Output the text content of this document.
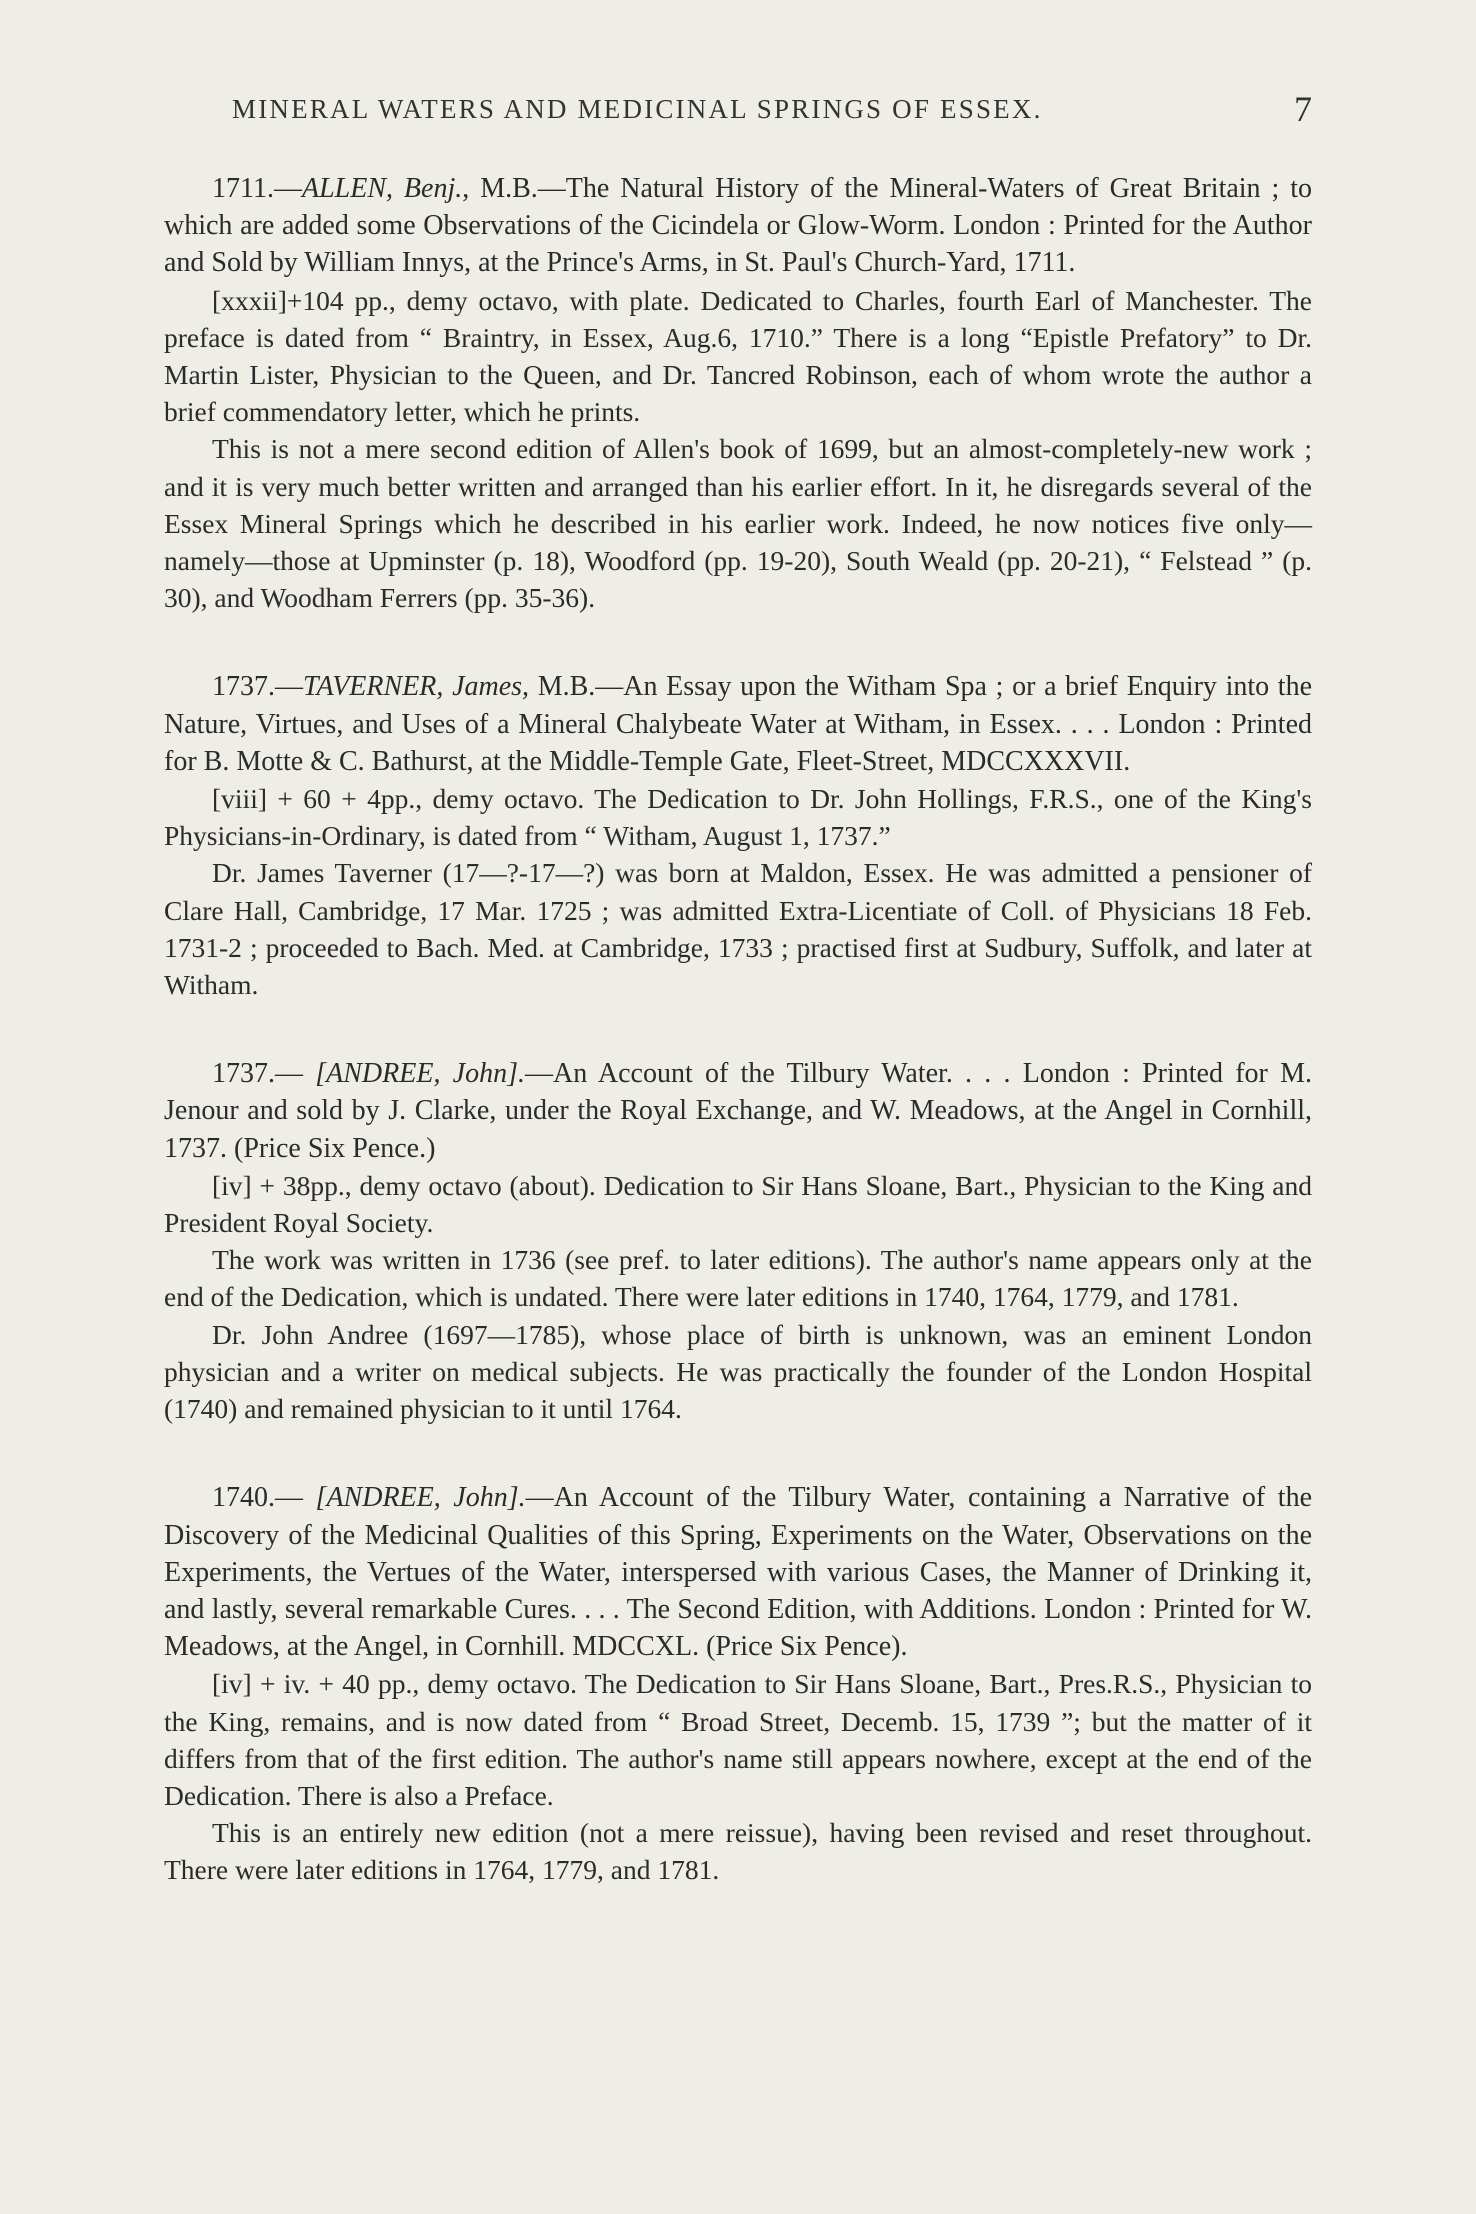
MINERAL WATERS AND MEDICINAL SPRINGS OF ESSEX.	7

1711.—ALLEN, Benj., M.B.—The Natural History of the Mineral-Waters of Great Britain ; to which are added some Observations of the Cicindela or Glow-Worm. London : Printed for the Author and Sold by William Innys, at the Prince's Arms, in St. Paul's Church-Yard, 1711.

[xxxii]+104 pp., demy octavo, with plate. Dedicated to Charles, fourth Earl of Manchester. The preface is dated from “ Braintry, in Essex, Aug.6, 1710.” There is a long “Epistle Prefatory” to Dr. Martin Lister, Physician to the Queen, and Dr. Tancred Robinson, each of whom wrote the author a brief commendatory letter, which he prints.

This is not a mere second edition of Allen's book of 1699, but an almost-completely-new work ; and it is very much better written and arranged than his earlier effort. In it, he disregards several of the Essex Mineral Springs which he described in his earlier work. Indeed, he now notices five only—namely—those at Upminster (p. 18), Woodford (pp. 19-20), South Weald (pp. 20-21), “ Felstead ” (p. 30), and Woodham Ferrers (pp. 35-36).

1737.—TAVERNER, James, M.B.—An Essay upon the Witham Spa ; or a brief Enquiry into the Nature, Virtues, and Uses of a Mineral Chalybeate Water at Witham, in Essex. . . . London : Printed for B. Motte & C. Bathurst, at the Middle-Temple Gate, Fleet-Street, MDCCXXXVII.

[viii] + 60 + 4pp., demy octavo. The Dedication to Dr. John Hollings, F.R.S., one of the King's Physicians-in-Ordinary, is dated from “ Witham, August 1, 1737.”

Dr. James Taverner (17—?-17—?) was born at Maldon, Essex. He was admitted a pensioner of Clare Hall, Cambridge, 17 Mar. 1725 ; was admitted Extra-Licentiate of Coll. of Physicians 18 Feb. 1731-2 ; proceeded to Bach. Med. at Cambridge, 1733 ; practised first at Sudbury, Suffolk, and later at Witham.

1737.— [ANDREE, John].—An Account of the Tilbury Water. . . . London : Printed for M. Jenour and sold by J. Clarke, under the Royal Exchange, and W. Meadows, at the Angel in Cornhill, 1737. (Price Six Pence.)

[iv] + 38pp., demy octavo (about). Dedication to Sir Hans Sloane, Bart., Physician to the King and President Royal Society.

The work was written in 1736 (see pref. to later editions). The author's name appears only at the end of the Dedication, which is undated. There were later editions in 1740, 1764, 1779, and 1781.

Dr. John Andree (1697—1785), whose place of birth is unknown, was an eminent London physician and a writer on medical subjects. He was practically the founder of the London Hospital (1740) and remained physician to it until 1764.

1740.— [ANDREE, John].—An Account of the Tilbury Water, containing a Narrative of the Discovery of the Medicinal Qualities of this Spring, Experiments on the Water, Observations on the Experiments, the Vertues of the Water, interspersed with various Cases, the Manner of Drinking it, and lastly, several remarkable Cures. . . . The Second Edition, with Additions. London : Printed for W. Meadows, at the Angel, in Cornhill. MDCCXL. (Price Six Pence).

[iv] + iv. + 40 pp., demy octavo. The Dedication to Sir Hans Sloane, Bart., Pres.R.S., Physician to the King, remains, and is now dated from “ Broad Street, Decemb. 15, 1739 ”; but the matter of it differs from that of the first edition. The author's name still appears nowhere, except at the end of the Dedication. There is also a Preface.

This is an entirely new edition (not a mere reissue), having been revised and reset throughout. There were later editions in 1764, 1779, and 1781.
